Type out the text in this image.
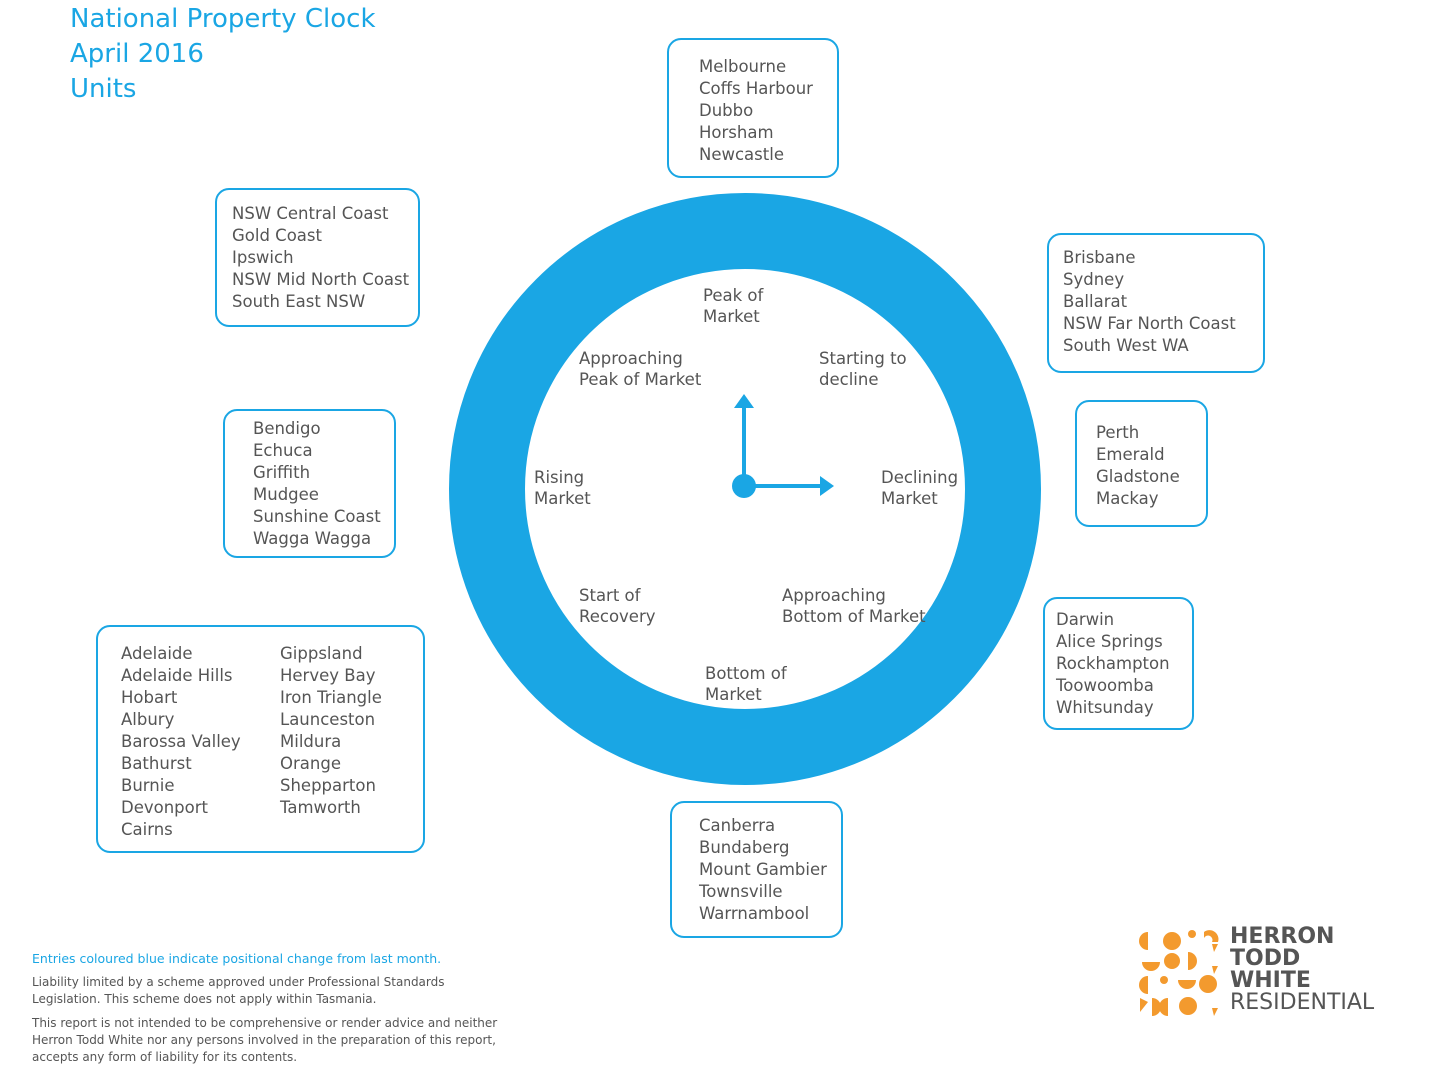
National Property Clock
April 2016
Units
Peak of
Market
Starting to
decline
Declining
Market
Approaching
Bottom of Market
Bottom of
Market
Start of
Recovery
Rising
Market
Approaching
Peak of Market
Melbourne
Coffs Harbour
Dubbo
Horsham
Newcastle
NSW Central Coast
Gold Coast
Ipswich
NSW Mid North Coast
South East NSW
Brisbane
Sydney
Ballarat
NSW Far North Coast
South West WA
Perth
Emerald
Gladstone
Mackay
Bendigo
Echuca
Griffith
Mudgee
Sunshine Coast
Wagga Wagga
Darwin
Alice Springs
Rockhampton
Toowoomba
Whitsunday
Canberra
Bundaberg
Mount Gambier
Townsville
Warrnambool
Adelaide
Adelaide Hills
Hobart
Albury
Barossa Valley
Bathurst
Burnie
Devonport
Cairns
Gippsland
Hervey Bay
Iron Triangle
Launceston
Mildura
Orange
Shepparton
Tamworth
Entries coloured blue indicate positional change from last month.
Liability limited by a scheme approved under Professional Standards
Legislation. This scheme does not apply within Tasmania.
This report is not intended to be comprehensive or render advice and neither
Herron Todd White nor any persons involved in the preparation of this report,
accepts any form of liability for its contents.
HERRON
TODD
WHITE
RESIDENTIAL
